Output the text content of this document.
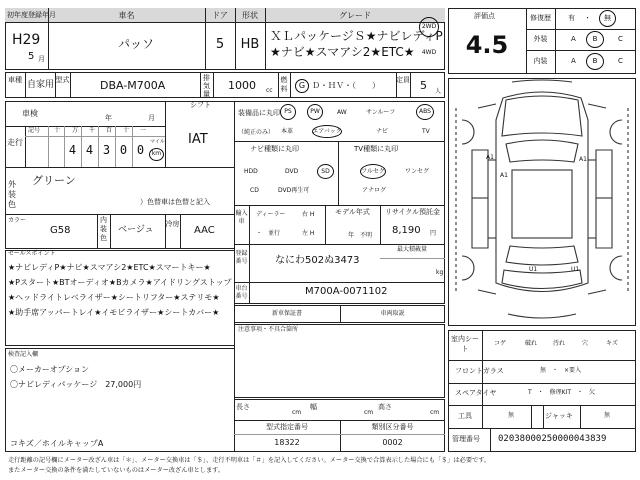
初年度登録年月	車名	ドア	形状	グレード
H29
5 月
パッソ	5	HB
ＸＬパッケージＳ★ナビレディP
★ナビ★スマアシ2★ETC★
2WD
4WD
車種 自家用 型式	DBA-M700A
排気量
1000 cc
燃料	G Ｄ・ＨＶ・（　　）
定員 5 人
車検	年	月
シフト
IAT
走行
記号 十 万 千 百 十 一
4 4 3 0 0
マイル
km
外装色
グリーン
）色替車は色替と記入
カラー
G58
内装色
ベージュ
冷房
AAC
セールスポイント
★ナビレディP★ナビ★スマアシ2★ETC★スマートキー★
★Pスタート★BTオーディオ★Bカメラ★アイドリングストップ
★ヘッドライトレベライザー★シートリフター★ステリモ★
★助手席アッパートレイ★イモビライザー★シートカバー★
検査記入欄
〇メーカーオプション
〇ナビレディパッケージ　27,000円
コキズ／ホイルキャップA
装備品に丸印
（純正のみ）
PS	PW	AW	サンルーフ	ABS
本革	エアバック	ナビ	TV
ナビ種類に丸印
HDD	DVD	SD
CD	DVD再生可
TV種類に丸印
フルセグ	ワンセグ
アナログ
輸入車
ディーラー
・　並行
右 H
左 H
モデル年式
年　不明
リサイクル預託金
8,190 円
登録番号
最大積載量
なにわ502ぬ3473
kg
車台番号	M700A-0071102
新車保証書	車両取説
注意事項・不具合箇所
長さ
cm
幅
cm
高さ
cm
型式指定番号
18322
類別区分番号
0002
評価点
4.5
修復歴	有 ・	無
外装	A	B	C
内装	A	B	C
A1
A1
A1
U1	U1
室内シート
コゲ	破れ	汚れ	穴	キズ
フロントガラス	無　・　×要入
スペアタイヤ	T　・　修理KIT　・　欠
工具	無	ジャッキ	無
管理番号 02038000250000043839
走行距離の記号欄にメーター改ざん車は「＊」、メーター交換車は「＄」、走行不明車は「＃」を記入してください。メーター交換で合算表示した場合にも「＄」は必要です。
またメーター交換の条件を満たしていないものはメーター改ざん車とします。
